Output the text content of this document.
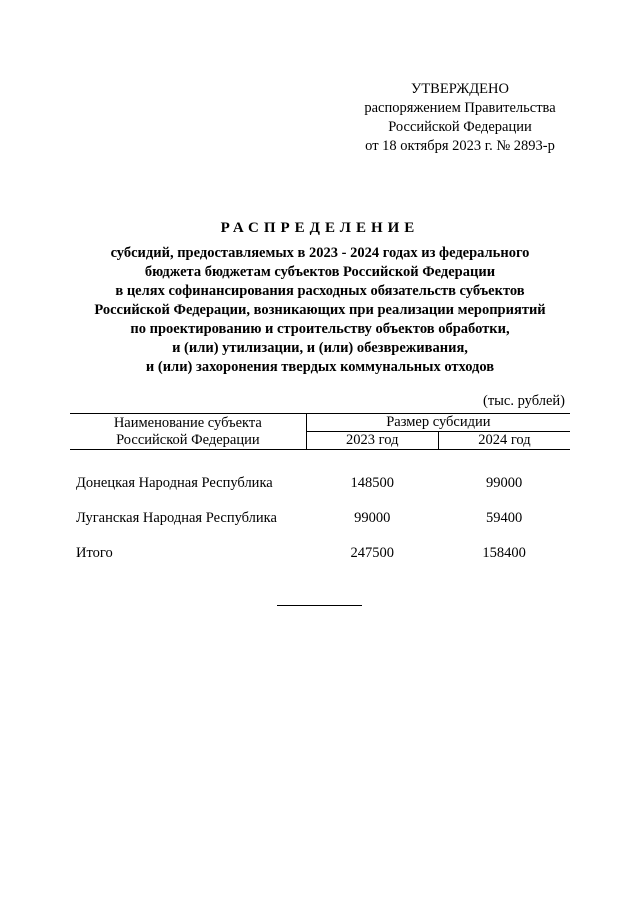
УТВЕРЖДЕНО
распоряжением Правительства
Российской Федерации
от 18 октября 2023 г. № 2893-р
РАСПРЕДЕЛЕНИЕ
субсидий, предоставляемых в 2023 - 2024 годах из федерального
бюджета бюджетам субъектов Российской Федерации
в целях софинансирования расходных обязательств субъектов
Российской Федерации, возникающих при реализации мероприятий
по проектированию и строительству объектов обработки,
и (или) утилизации, и (или) обезвреживания,
и (или) захоронения твердых коммунальных отходов
(тыс. рублей)
Наименование субъекта
Российской Федерации	Размер субсидии	
	2023 год	2024 год

Донецкая Народная Республика	148500	99000
Луганская Народная Республика	99000	59400
Итого	247500	158400
